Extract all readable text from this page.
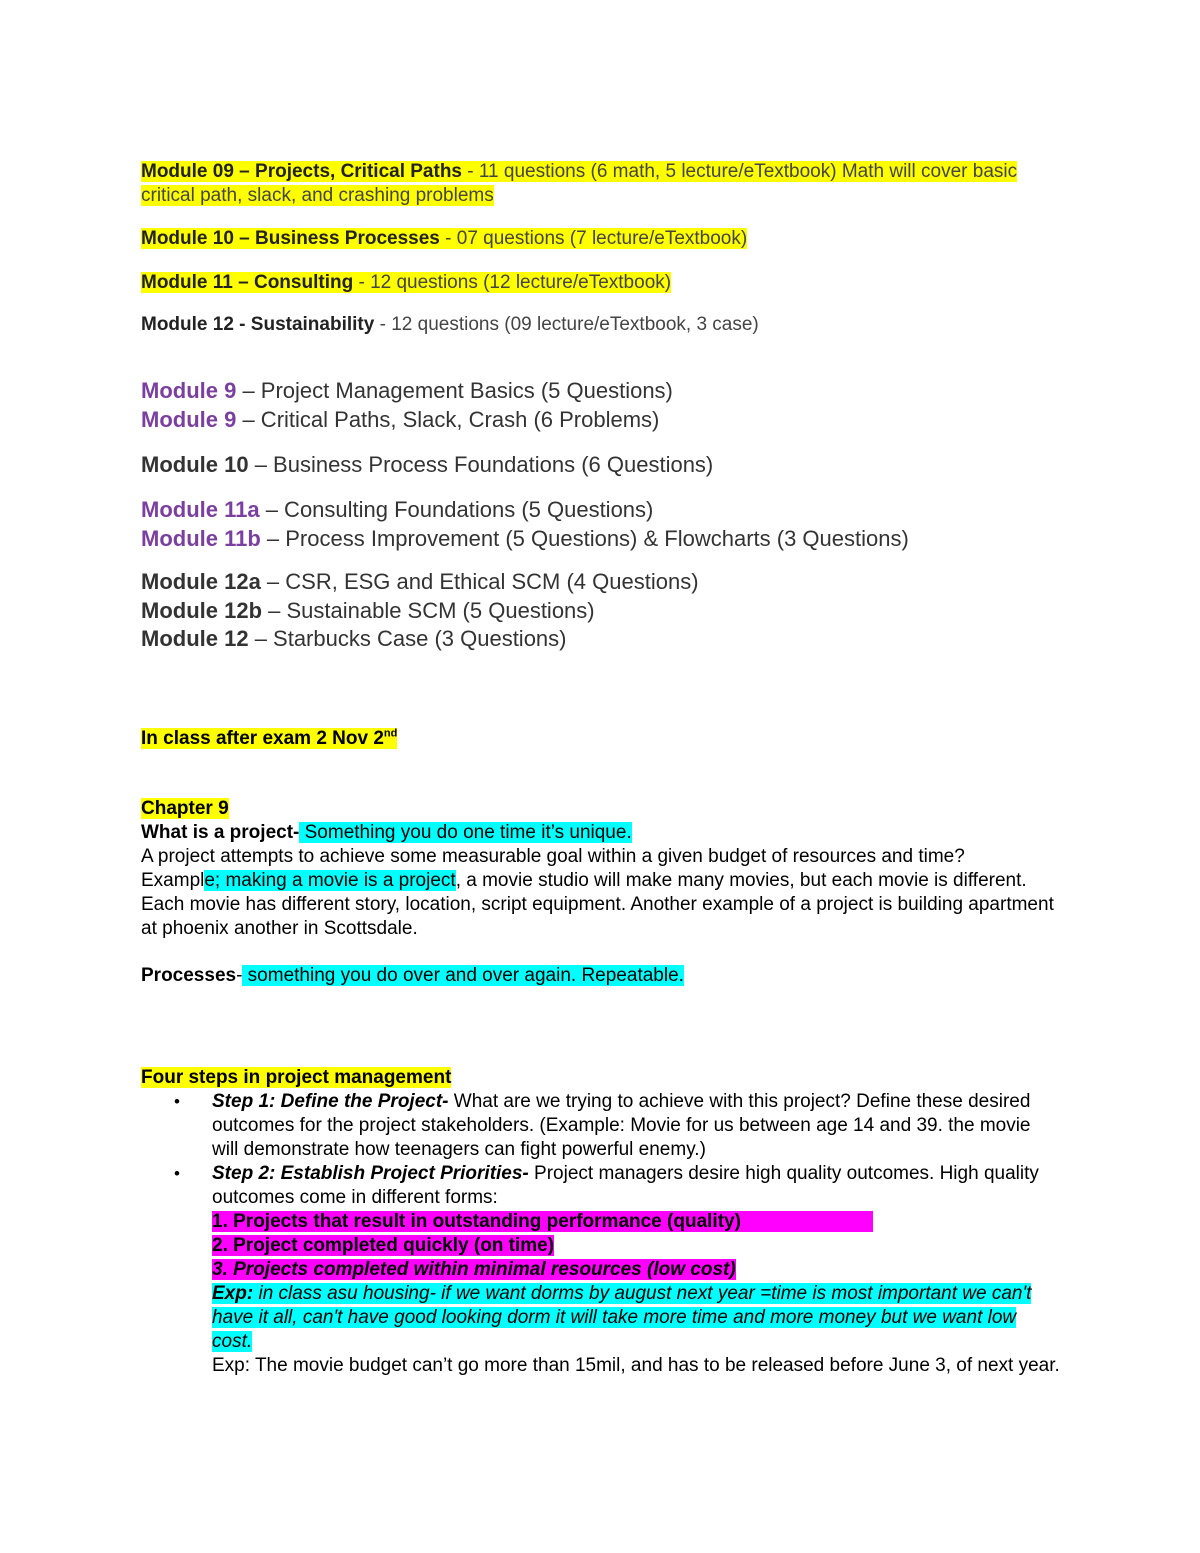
Module 09 – Projects, Critical Paths - 11 questions (6 math, 5 lecture/eTextbook) Math will cover basic critical path, slack, and crashing problems
Module 10 – Business Processes - 07 questions (7 lecture/eTextbook)
Module 11 – Consulting - 12 questions (12 lecture/eTextbook)
Module 12 - Sustainability - 12 questions (09 lecture/eTextbook, 3 case)
Module 9 – Project Management Basics (5 Questions)
Module 9 – Critical Paths, Slack, Crash (6 Problems)
Module 10 – Business Process Foundations (6 Questions)
Module 11a – Consulting Foundations (5 Questions)
Module 11b – Process Improvement (5 Questions) & Flowcharts (3 Questions)
Module 12a – CSR, ESG and Ethical SCM (4 Questions)
Module 12b – Sustainable SCM (5 Questions)
Module 12 – Starbucks Case (3 Questions)
In class after exam 2 Nov 2nd
Chapter 9
What is a project- Something you do one time it’s unique.
A project attempts to achieve some measurable goal within a given budget of resources and time?
Example; making a movie is a project, a movie studio will make many movies, but each movie is different. Each movie has different story, location, script equipment. Another example of a project is building apartment at phoenix another in Scottsdale.
Processes- something you do over and over again. Repeatable.
Four steps in project management
• Step 1: Define the Project- What are we trying to achieve with this project? Define these desired outcomes for the project stakeholders. (Example: Movie for us between age 14 and 39. the movie will demonstrate how teenagers can fight powerful enemy.)
• Step 2: Establish Project Priorities- Project managers desire high quality outcomes. High quality outcomes come in different forms:
1. Projects that result in outstanding performance (quality)
2. Project completed quickly (on time)
3. Projects completed within minimal resources (low cost)
Exp: in class asu housing- if we want dorms by august next year =time is most important we can't have it all, can't have good looking dorm it will take more time and more money but we want low cost.
Exp: The movie budget can’t go more than 15mil, and has to be released before June 3, of next year.
